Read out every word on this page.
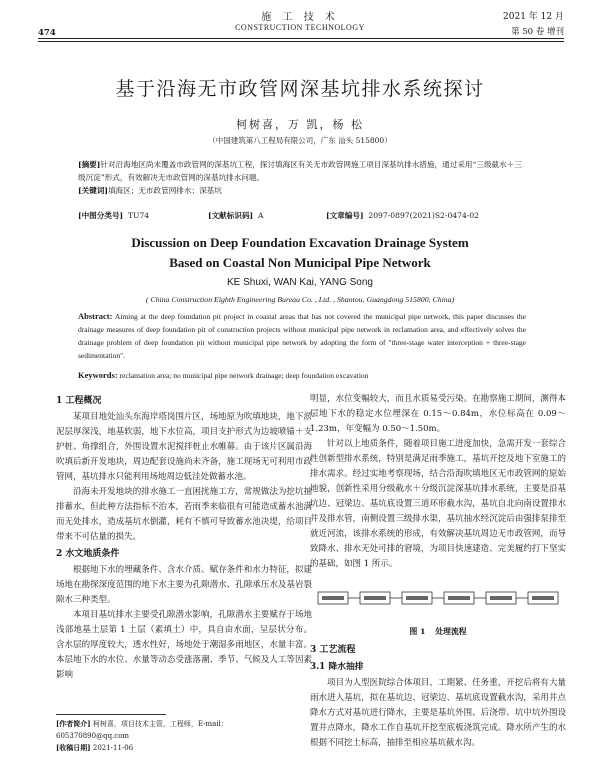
474
施 工 技 术
CONSTRUCTION TECHNOLOGY
2021 年 12 月
第 50 卷 增刊
基于沿海无市政管网深基坑排水系统探讨
柯树喜，万 凯，杨 松
（中国建筑第八工程局有限公司，广东 汕头 515800）
[摘要]针对沿海地区尚未覆盖市政管网的深基坑工程，探讨填海区有关无市政管网施工项目深基坑排水措施，通过采用“三级截水＋三级沉淀”形式，有效解决无市政管网的深基坑排水问题。
[关键词]填海区；无市政管网排水；深基坑
[中图分类号] TU74	[文献标识码] A	[文章编号] 2097-0897(2021)S2-0474-02
Discussion on Deep Foundation Excavation Drainage System
Based on Coastal Non Municipal Pipe Network
KE Shuxi, WAN Kai, YANG Song
( China Construction Eighth Engineering Bureau Co. , Ltd. , Shantou, Guangdong 515800, China)
Abstract: Aiming at the deep foundation pit project in coastal areas that has not covered the municipal pipe network, this paper discusses the drainage measures of deep foundation pit of construction projects without municipal pipe network in reclamation area, and effectively solves the drainage problem of deep foundation pit without municipal pipe network by adopting the form of "three-stage water interception + three-stage sedimentation".
Keywords: reclamation area; no municipal pipe network drainage; deep foundation excavation
1 工程概况
某项目地处汕头东海岸塔岗围片区，场地原为吹填地块，地下淤泥层厚深浅，地基软弱，地下水位高，项目支护形式为边坡喷锚＋支护桩、角撑组合，外围设置水泥搅拌桩止水帷幕。由于该片区属沿海吹填后新开发地块，周边配套设施尚未齐备，施工现场无可利用市政管网，基坑排水只能利用场地周边低洼处做蓄水池。
沿海未开发地块的排水施工一直困扰施工方，常规做法为挖坑抽排蓄水，但此种方法指标不治本，若雨季来临很有可能造成蓄水池满而无处排水，造成基坑水倒灌，耗有不慎可导致蓄水池决堤，给项目带来不可估量的损失。
2 水文地质条件
根据地下水的埋藏条件、含水介质、赋存条件和水力特征，拟建场地在勘探深度范围的地下水主要为孔隙潜水、孔隙承压水及基岩裂隙水三种类型。
本项目基坑排水主要受孔隙潜水影响，孔隙潜水主要赋存于场地浅部地基土层第 1 土层（素填土）中，具自由水面，呈层状分布。含水层的厚度较大，透水性好，场地处于潮湿多雨地区，水量丰富。本层地下水的水位、水量等动态受涨落潮、季节、气候及人工等因素影响
明显，水位变幅较大，而且水质易受污染。在勘察施工期间，测得本层地下水的稳定水位埋深在 0.15～0.84m，水位标高在 0.09～1.23m，年变幅为 0.50～1.50m。
针对以上地质条件，随着项目施工进度加快，急需开发一套综合性创新型排水系统，特别是满足雨季施工，基坑开挖及地下室施工的排水需求。经过实地考察现场，结合沿海吹填地区无市政管网的原始地貌，创新性采用分级截水＋分级沉淀深基坑排水系统，主要是沿基坑边、冠梁边、基坑底设置三道环形截水沟，基坑自北向南设置排水井及排水管，南侧设置三级排水渠，基坑抽水经沉淀后由强排泵排至就近河流，该排水系统的形成，有效解决基坑周边无市政管网，而导致降水、排水无处可排的窘境，为项目快速建造、完美履约打下坚实的基础，如图 1 所示。
图 1 处理流程
3 工艺流程
3.1 降水抽排
项目为人型医院综合体项目，工期紧、任务重，开挖后将有大量雨水进入基坑，拟在基坑边、冠梁边、基坑底设置截水沟，采用井点降水方式对基坑进行降水，主要是基坑外围、后浇带、坑中坑外围设置井点降水，降水工作自基坑开挖至底板浇筑完成。降水所产生的水根据不同挖土标高，抽排至相应基坑截水沟。
[作者简介] 柯树喜，项目技术主管，工程师，E-mail：605370890@qq.com
[收稿日期] 2021-11-06
